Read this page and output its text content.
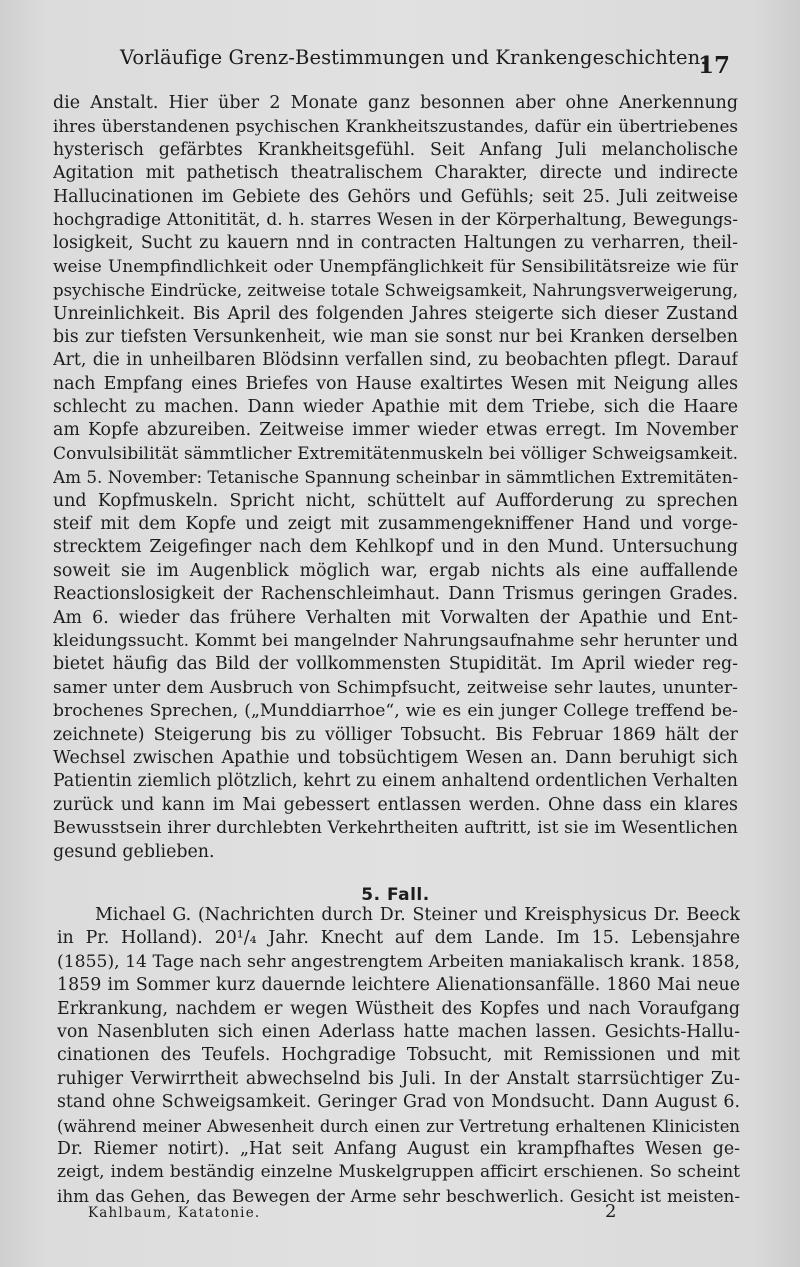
Vorläufige Grenz-Bestimmungen und Krankengeschichten.
17
die Anstalt. Hier über 2 Monate ganz besonnen aber ohne Anerkennung
ihres überstandenen psychischen Krankheitszustandes, dafür ein übertriebenes
hysterisch gefärbtes Krankheitsgefühl. Seit Anfang Juli melancholische
Agitation mit pathetisch theatralischem Charakter, directe und indirecte
Hallucinationen im Gebiete des Gehörs und Gefühls; seit 25. Juli zeitweise
hochgradige Attonitität, d. h. starres Wesen in der Körperhaltung, Bewegungs-
losigkeit, Sucht zu kauern nnd in contracten Haltungen zu verharren, theil-
weise Unempfindlichkeit oder Unempfänglichkeit für Sensibilitätsreize wie für
psychische Eindrücke, zeitweise totale Schweigsamkeit, Nahrungsverweigerung,
Unreinlichkeit. Bis April des folgenden Jahres steigerte sich dieser Zustand
bis zur tiefsten Versunkenheit, wie man sie sonst nur bei Kranken derselben
Art, die in unheilbaren Blödsinn verfallen sind, zu beobachten pflegt. Darauf
nach Empfang eines Briefes von Hause exaltirtes Wesen mit Neigung alles
schlecht zu machen. Dann wieder Apathie mit dem Triebe, sich die Haare
am Kopfe abzureiben. Zeitweise immer wieder etwas erregt. Im November
Convulsibilität sämmtlicher Extremitätenmuskeln bei völliger Schweigsamkeit.
Am 5. November: Tetanische Spannung scheinbar in sämmtlichen Extremitäten-
und Kopfmuskeln. Spricht nicht, schüttelt auf Aufforderung zu sprechen
steif mit dem Kopfe und zeigt mit zusammengekniffener Hand und vorge-
strecktem Zeigefinger nach dem Kehlkopf und in den Mund. Untersuchung
soweit sie im Augenblick möglich war, ergab nichts als eine auffallende
Reactionslosigkeit der Rachenschleimhaut. Dann Trismus geringen Grades.
Am 6. wieder das frühere Verhalten mit Vorwalten der Apathie und Ent-
kleidungssucht. Kommt bei mangelnder Nahrungsaufnahme sehr herunter und
bietet häufig das Bild der vollkommensten Stupidität. Im April wieder reg-
samer unter dem Ausbruch von Schimpfsucht, zeitweise sehr lautes, ununter-
brochenes Sprechen, („Munddiarrhoe“, wie es ein junger College treffend be-
zeichnete) Steigerung bis zu völliger Tobsucht. Bis Februar 1869 hält der
Wechsel zwischen Apathie und tobsüchtigem Wesen an. Dann beruhigt sich
Patientin ziemlich plötzlich, kehrt zu einem anhaltend ordentlichen Verhalten
zurück und kann im Mai gebessert entlassen werden. Ohne dass ein klares
Bewusstsein ihrer durchlebten Verkehrtheiten auftritt, ist sie im Wesentlichen
gesund geblieben.
5. Fall.
Michael G. (Nachrichten durch Dr. Steiner und Kreisphysicus Dr. Beeck
in Pr. Holland). 20¹/₄ Jahr. Knecht auf dem Lande. Im 15. Lebensjahre
(1855), 14 Tage nach sehr angestrengtem Arbeiten maniakalisch krank. 1858,
1859 im Sommer kurz dauernde leichtere Alienationsanfälle. 1860 Mai neue
Erkrankung, nachdem er wegen Wüstheit des Kopfes und nach Voraufgang
von Nasenbluten sich einen Aderlass hatte machen lassen. Gesichts-Hallu-
cinationen des Teufels. Hochgradige Tobsucht, mit Remissionen und mit
ruhiger Verwirrtheit abwechselnd bis Juli. In der Anstalt starrsüchtiger Zu-
stand ohne Schweigsamkeit. Geringer Grad von Mondsucht. Dann August 6.
(während meiner Abwesenheit durch einen zur Vertretung erhaltenen Klinicisten
Dr. Riemer notirt). „Hat seit Anfang August ein krampfhaftes Wesen ge-
zeigt, indem beständig einzelne Muskelgruppen afficirt erschienen. So scheint
ihm das Gehen, das Bewegen der Arme sehr beschwerlich. Gesicht ist meisten-
Kahlbaum, Katatonie.	2
